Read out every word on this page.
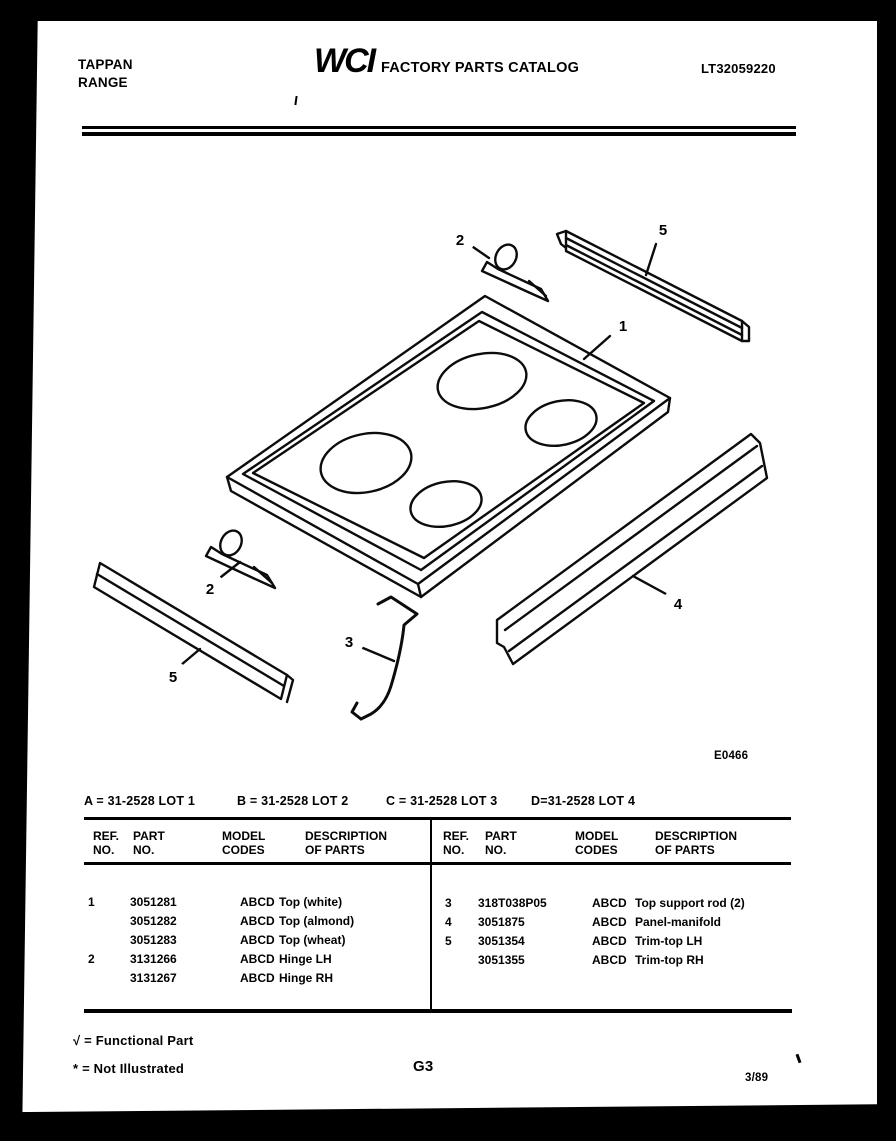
TAPPAN
RANGE
WCI FACTORY PARTS CATALOG	LT32059220
1
2
5
2
3
4
5
E0466
A = 31-2528 LOT 1	B = 31-2528 LOT 2	C = 31-2528 LOT 3	D=31-2528 LOT 4
REF.
NO.
PART
NO.
MODEL
CODES
DESCRIPTION
OF PARTS
1	3051281	ABCD Top (white)
3051282	ABCD Top (almond)
3051283	ABCD Top (wheat)
2	3131266	ABCD Hinge LH
3131267	ABCD Hinge RH
REF.
NO.
PART
NO.
MODEL
CODES
DESCRIPTION
OF PARTS
3 318T038P05	ABCD Top support rod (2)
4 3051875	ABCD Panel-manifold
5 3051354	ABCD Trim-top LH
3051355	ABCD Trim-top RH
√ = Functional Part
* = Not Illustrated	G3
3/89
